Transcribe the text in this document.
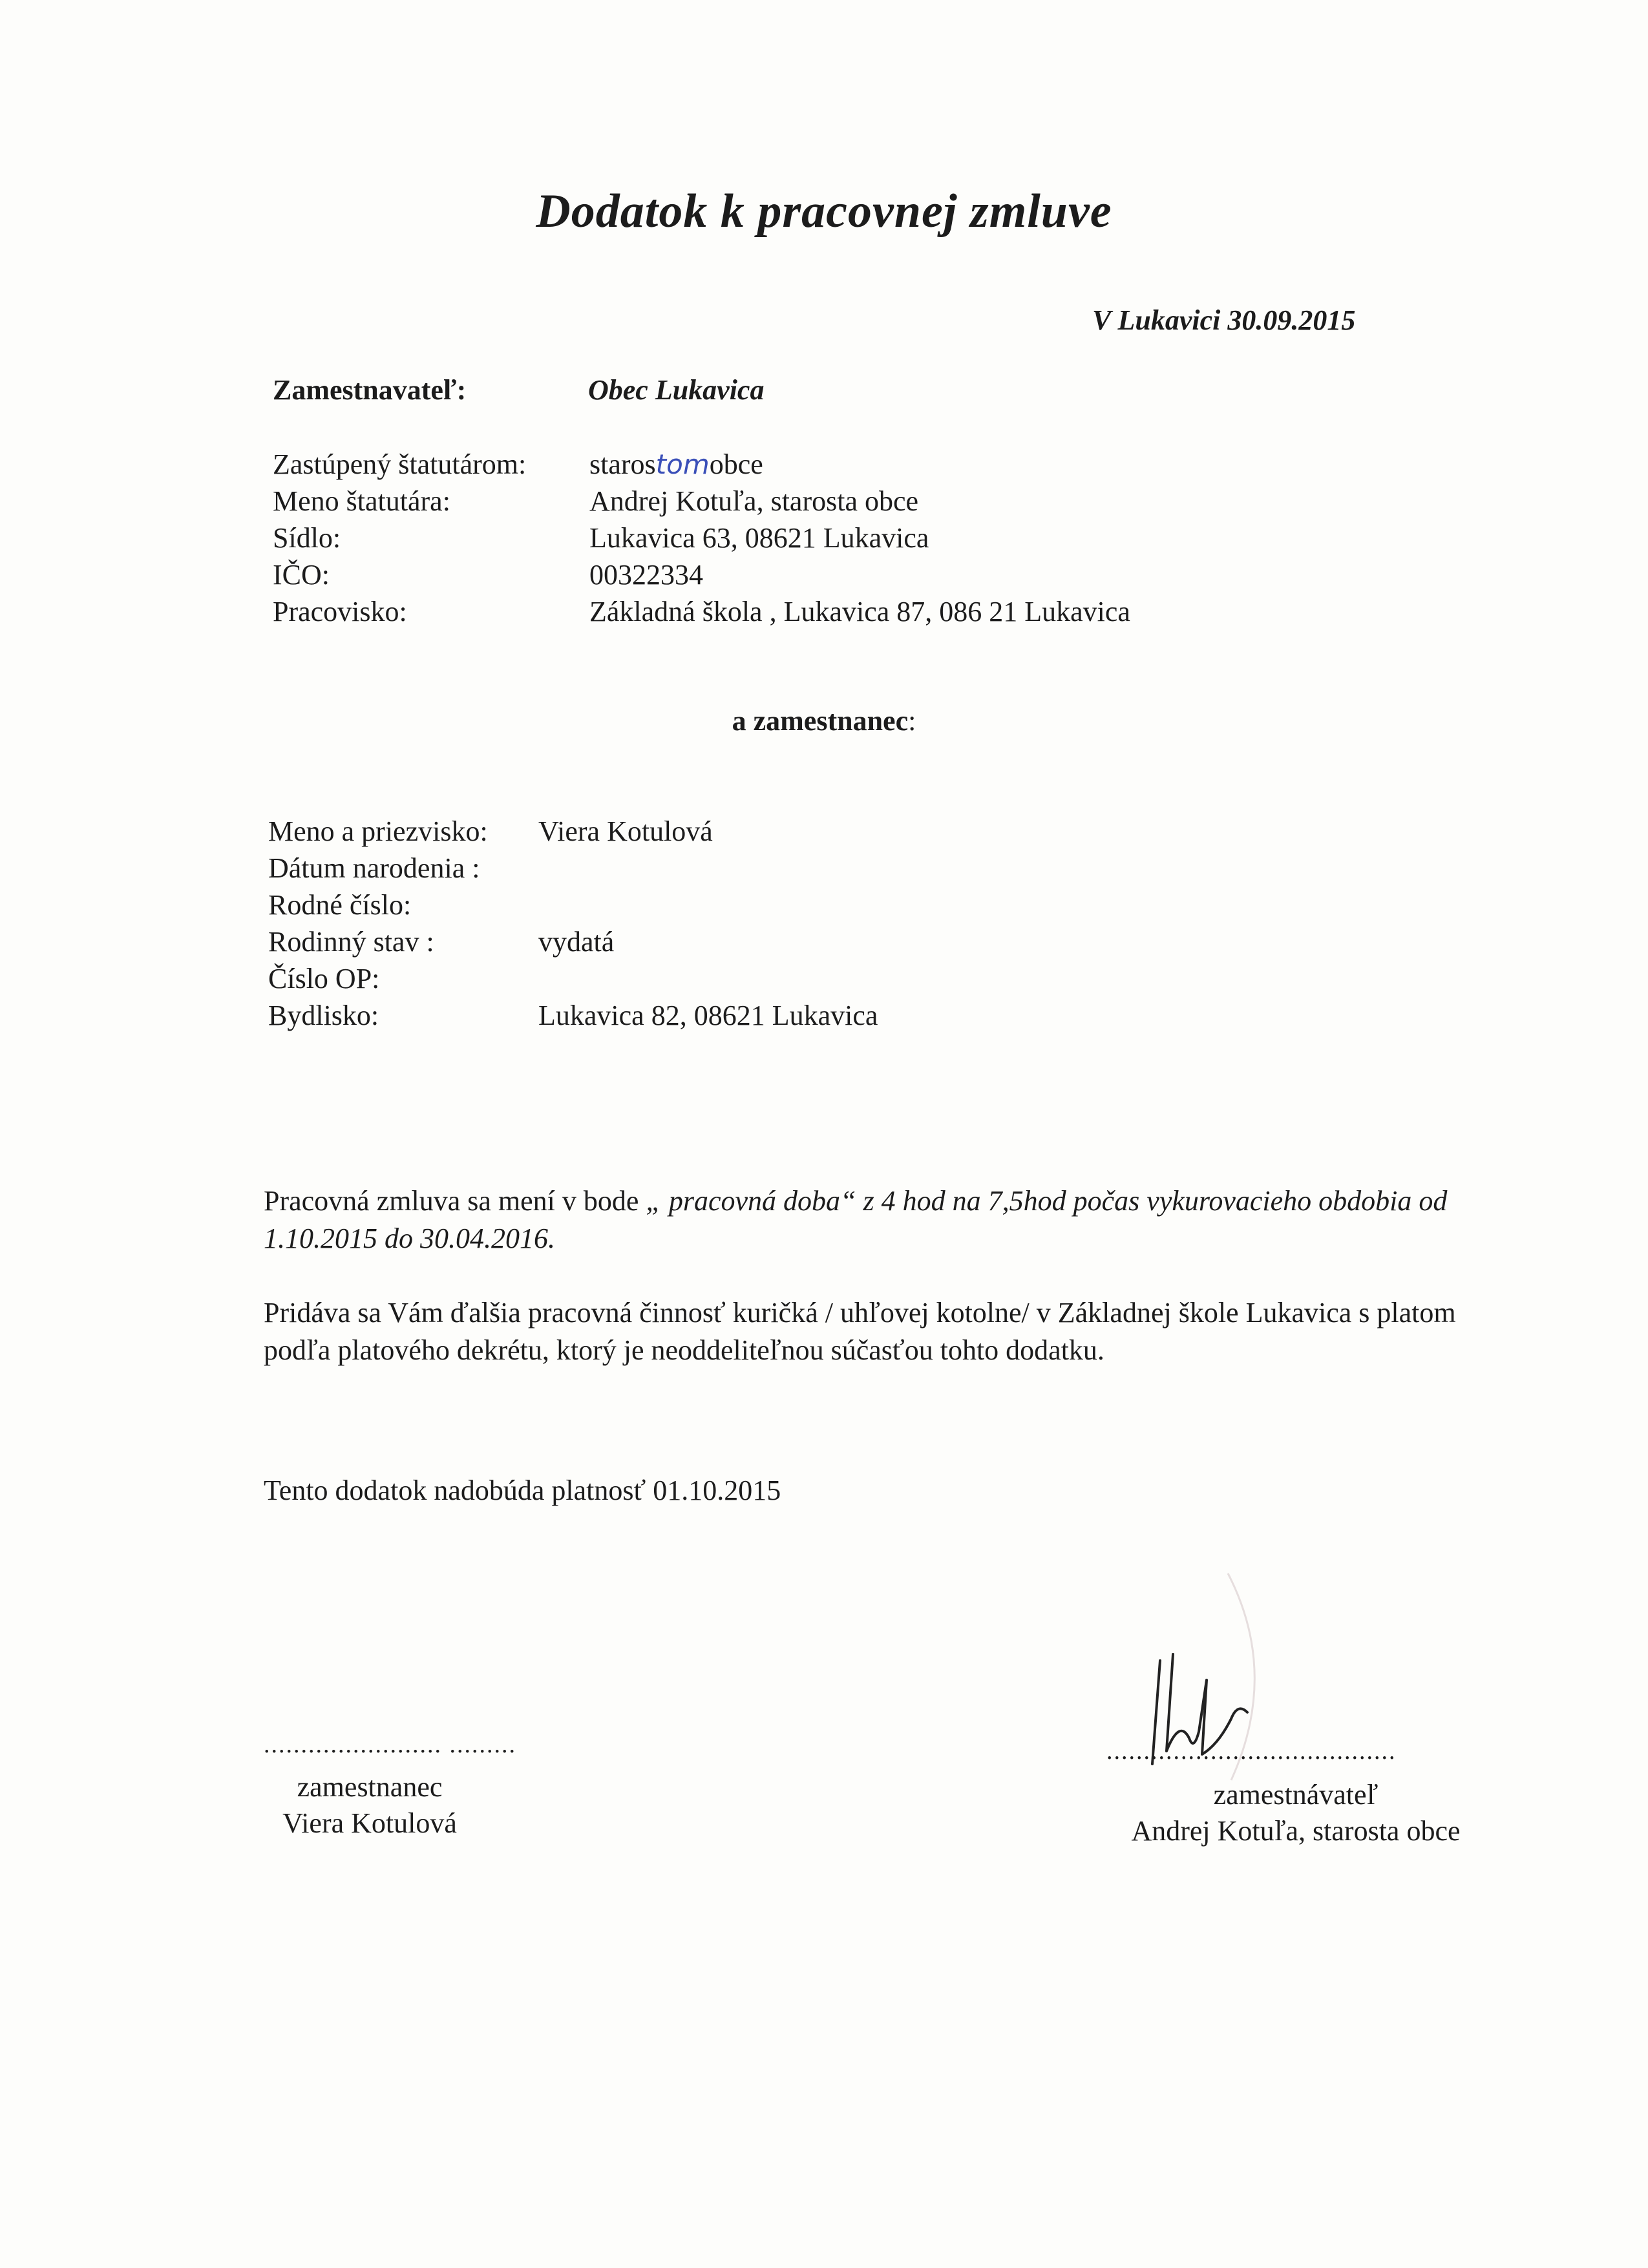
Dodatok k pracovnej zmluve
V Lukavici 30.09.2015
Zamestnavateľ:	Obec Lukavica
Zastúpený štatutárom: starostomobce
Meno štatutára:	Andrej Kotuľa, starosta obce
Sídlo:	Lukavica 63, 08621 Lukavica
IČO:	00322334
Pracovisko:	Základná škola , Lukavica 87, 086 21 Lukavica
a zamestnanec:
Meno a priezvisko: Viera Kotulová
Dátum narodenia :
Rodné číslo:
Rodinný stav :	vydatá
Číslo OP:
Bydlisko:	Lukavica 82, 08621 Lukavica
Pracovná zmluva sa mení v bode „ pracovná doba“ z 4 hod na 7,5hod počas vykurovacieho obdobia od 1.10.2015 do 30.04.2016.
Pridáva sa Vám ďalšia pracovná činnosť kuričká / uhľovej kotolne/ v Základnej škole Lukavica s platom podľa platového dekrétu, ktorý je neoddeliteľnou súčasťou tohto dodatku.
Tento dodatok nadobúda platnosť 01.10.2015
........................ .........
zamestnanec
Viera Kotulová
.......................................
zamestnávateľ
Andrej Kotuľa, starosta obce
